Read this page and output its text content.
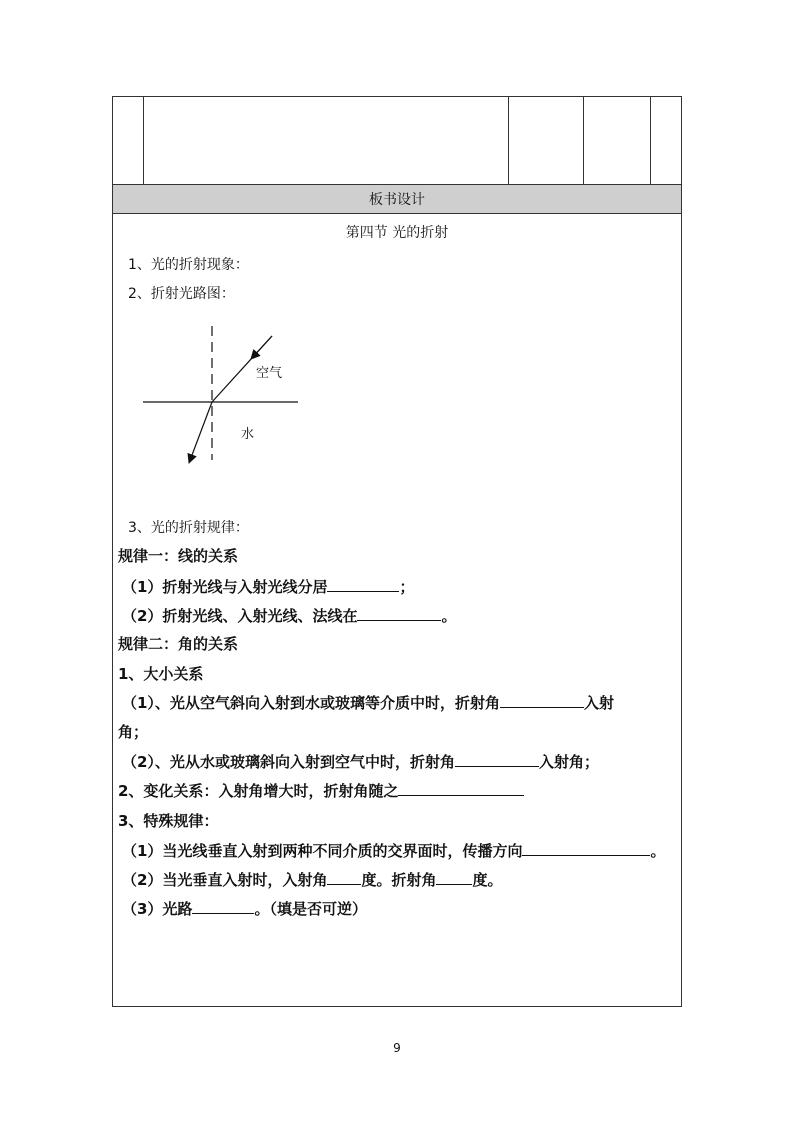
板书设计
第四节 光的折射
1、光的折射现象：
2、折射光路图：
空气
水
3、光的折射规律：
规律一：线的关系
（1）折射光线与入射光线分居	；
（2）折射光线、入射光线、法线在	。
规律二：角的关系
1、大小关系
（1）、光从空气斜向入射到水或玻璃等介质中时，折射角	入射
角；
（2）、光从水或玻璃斜向入射到空气中时，折射角	入射角；
2、变化关系：入射角增大时，折射角随之
3、特殊规律：
（1）当光线垂直入射到两种不同介质的交界面时，传播方向	。
（2）当光垂直入射时，入射角 度。折射角 度。
（3）光路	。（填是否可逆）
9
